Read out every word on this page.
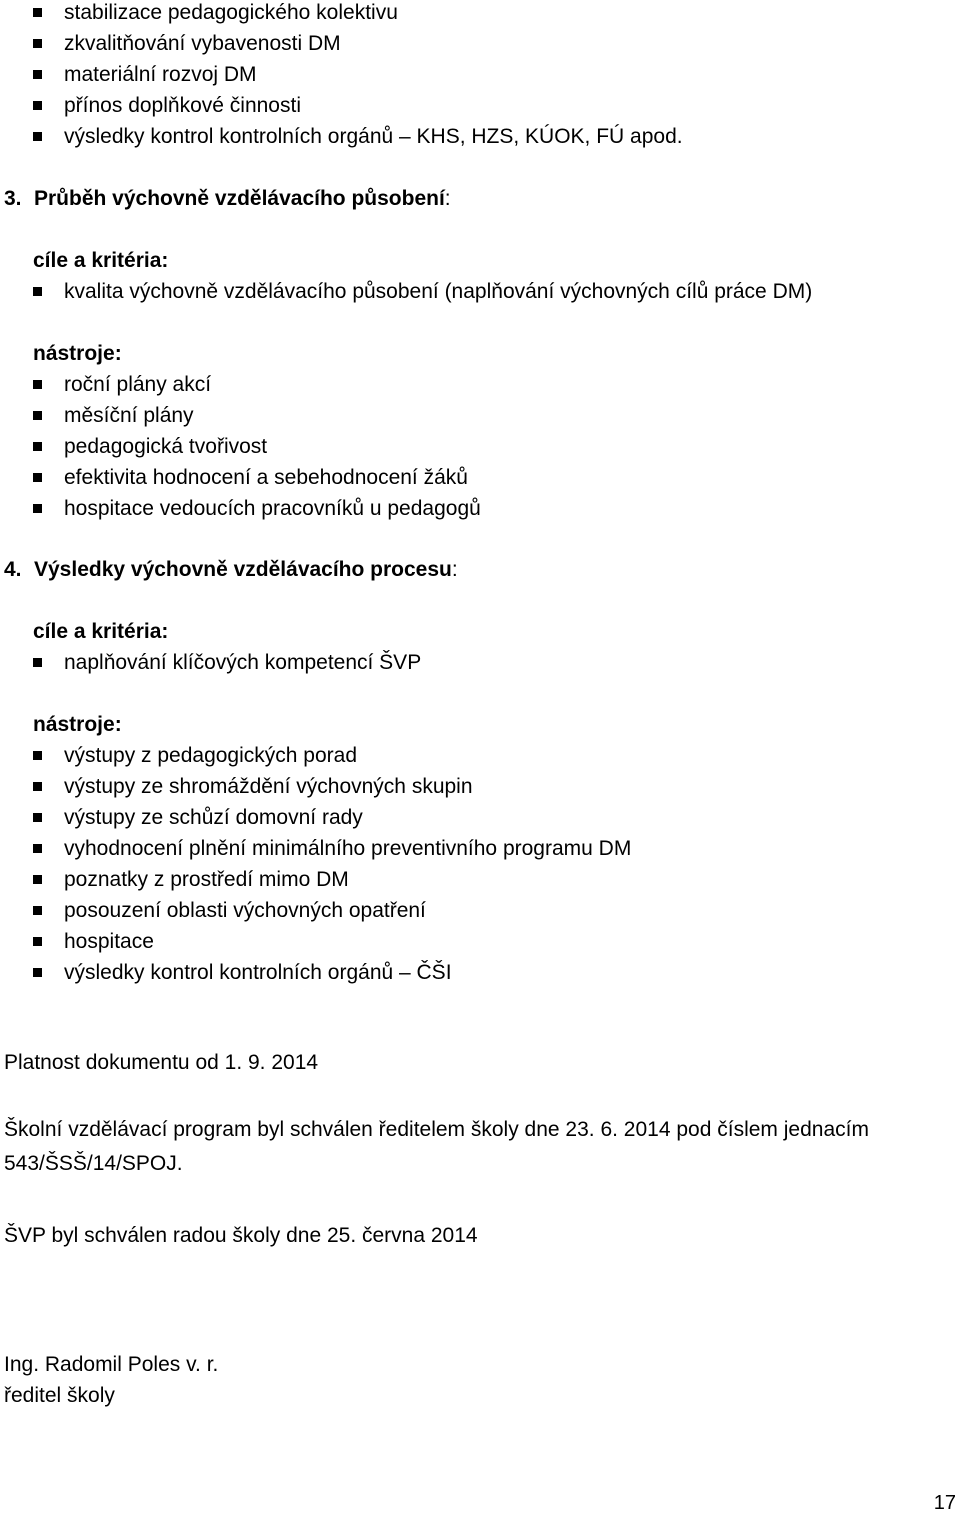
stabilizace pedagogického kolektivu
zkvalitňování vybavenosti DM
materiální rozvoj DM
přínos doplňkové činnosti
výsledky kontrol kontrolních orgánů – KHS, HZS, KÚOK, FÚ apod.
3. Průběh výchovně vzdělávacího působení:
cíle a kritéria:
kvalita výchovně vzdělávacího působení (naplňování výchovných cílů práce DM)
nástroje:
roční plány akcí
měsíční plány
pedagogická tvořivost
efektivita hodnocení a sebehodnocení žáků
hospitace vedoucích pracovníků u pedagogů
4. Výsledky výchovně vzdělávacího procesu:
cíle a kritéria:
naplňování klíčových kompetencí ŠVP
nástroje:
výstupy z pedagogických porad
výstupy ze shromáždění výchovných skupin
výstupy ze schůzí domovní rady
vyhodnocení plnění minimálního preventivního programu DM
poznatky z prostředí mimo DM
posouzení oblasti výchovných opatření
hospitace
výsledky kontrol kontrolních orgánů – ČŠI
Platnost dokumentu od 1. 9. 2014
Školní vzdělávací program byl schválen ředitelem školy dne 23. 6. 2014 pod číslem jednacím
543/ŠSŠ/14/SPOJ.
ŠVP byl schválen radou školy dne 25. června 2014
Ing. Radomil Poles v. r.
ředitel školy
17
